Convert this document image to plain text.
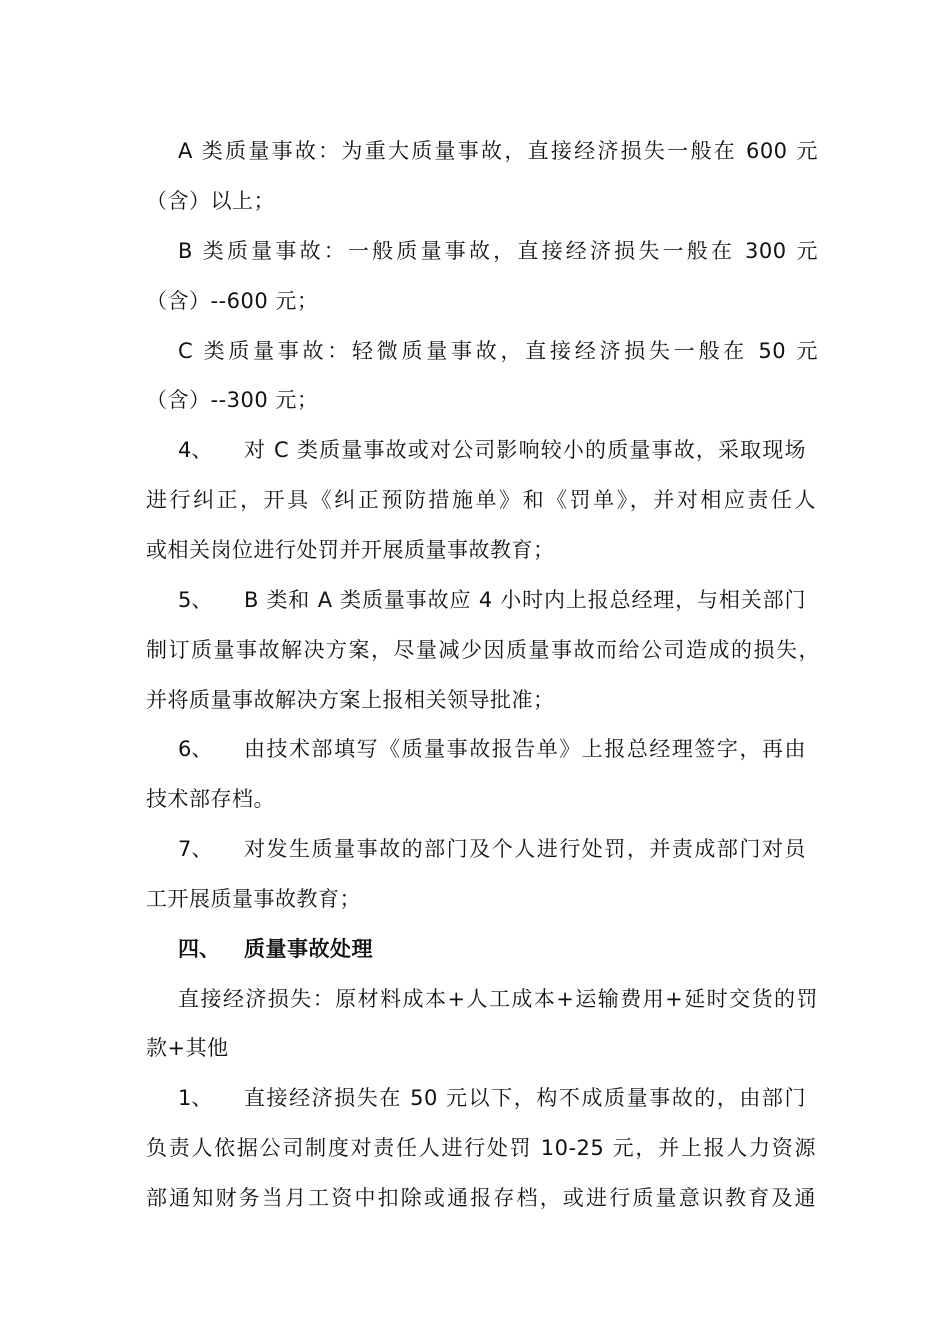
A 类质量事故：为重大质量事故，直接经济损失一般在 600 元
（含）以上；
B 类质量事故：一般质量事故，直接经济损失一般在 300 元
（含）--600 元；
C 类质量事故：轻微质量事故，直接经济损失一般在 50 元
（含）--300 元；
4、 对 C 类质量事故或对公司影响较小的质量事故，采取现场
进行纠正，开具《纠正预防措施单》和《罚单》，并对相应责任人
或相关岗位进行处罚并开展质量事故教育；
5、 B 类和 A 类质量事故应 4 小时内上报总经理，与相关部门
制订质量事故解决方案，尽量减少因质量事故而给公司造成的损失，
并将质量事故解决方案上报相关领导批准；
6、 由技术部填写《质量事故报告单》上报总经理签字，再由
技术部存档。
7、 对发生质量事故的部门及个人进行处罚，并责成部门对员
工开展质量事故教育；
四、 质量事故处理
直接经济损失：原材料成本+人工成本+运输费用+延时交货的罚
款+其他
1、 直接经济损失在 50 元以下，构不成质量事故的，由部门
负责人依据公司制度对责任人进行处罚 10-25 元，并上报人力资源
部通知财务当月工资中扣除或通报存档，或进行质量意识教育及通
